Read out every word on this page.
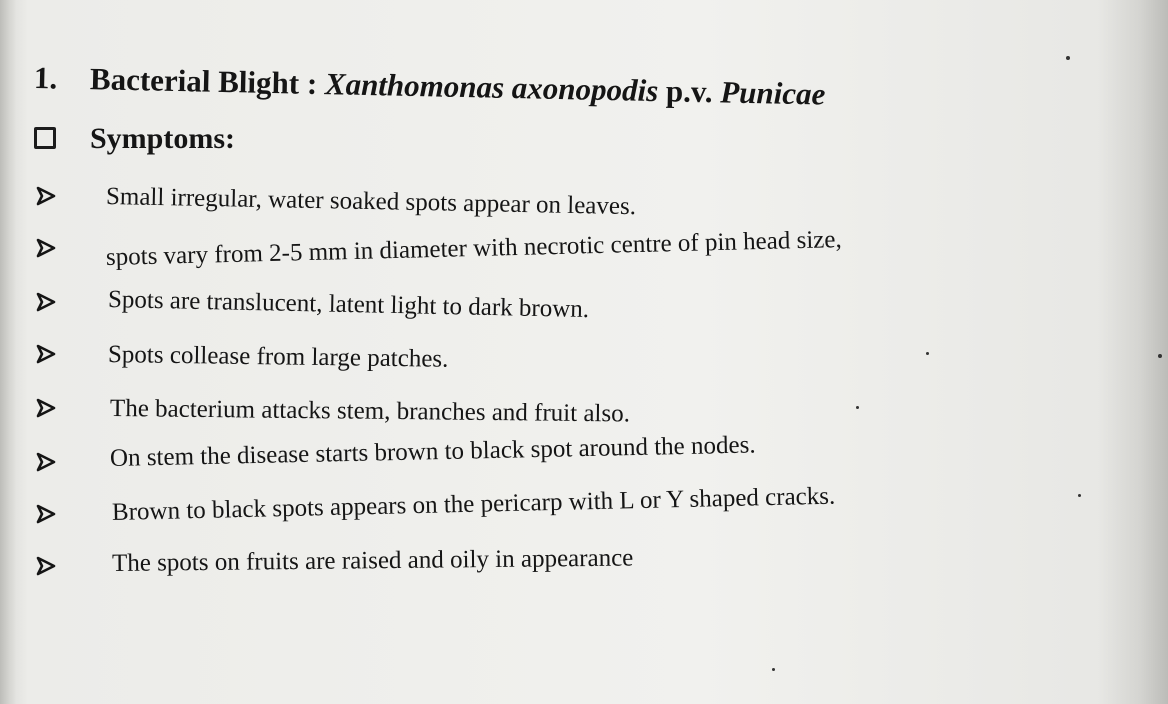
1. Bacterial Blight : Xanthomonas axonopodis p.v. Punicae
Symptoms:
Small irregular, water soaked spots appear on leaves.
spots vary from 2-5 mm in diameter with necrotic centre of pin head size,
Spots are translucent, latent light to dark brown.
Spots collease from large patches.
The bacterium attacks stem, branches and fruit also.
On stem the disease starts brown to black spot around the nodes.
Brown to black spots appears on the pericarp with L or Y shaped cracks.
The spots on fruits are raised and oily in appearance
